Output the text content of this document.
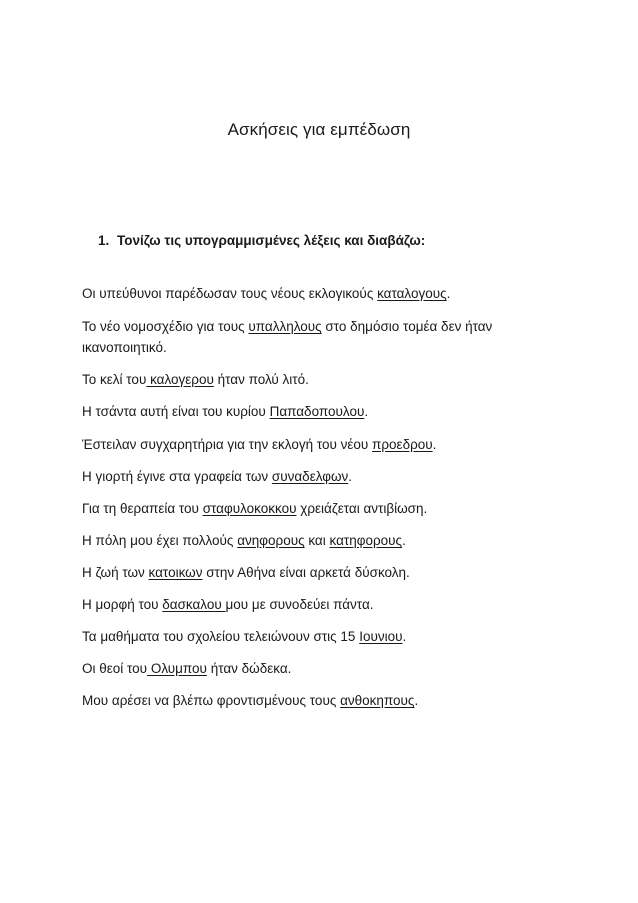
Ασκήσεις για εμπέδωση
1. Τονίζω τις υπογραμμισμένες λέξεις και διαβάζω:
Οι υπεύθυνοι παρέδωσαν τους νέους εκλογικούς καταλογους.
Το νέο νομοσχέδιο για τους υπαλληλους στο δημόσιο τομέα δεν ήταν
ικανοποιητικό.
Το κελί του καλογερου ήταν πολύ λιτό.
Η τσάντα αυτή είναι του κυρίου Παπαδοπουλου.
Έστειλαν συγχαρητήρια για την εκλογή του νέου προεδρου.
Η γιορτή έγινε στα γραφεία των συναδελφων.
Για τη θεραπεία του σταφυλοκοκκου χρειάζεται αντιβίωση.
Η πόλη μου έχει πολλούς ανηφορους και κατηφορους.
Η ζωή των κατοικων στην Αθήνα είναι αρκετά δύσκολη.
Η μορφή του δασκαλου μου με συνοδεύει πάντα.
Τα μαθήματα του σχολείου τελειώνουν στις 15 Ιουνιου.
Οι θεοί του Ολυμπου ήταν δώδεκα.
Μου αρέσει να βλέπω φροντισμένους τους ανθοκηπους.
